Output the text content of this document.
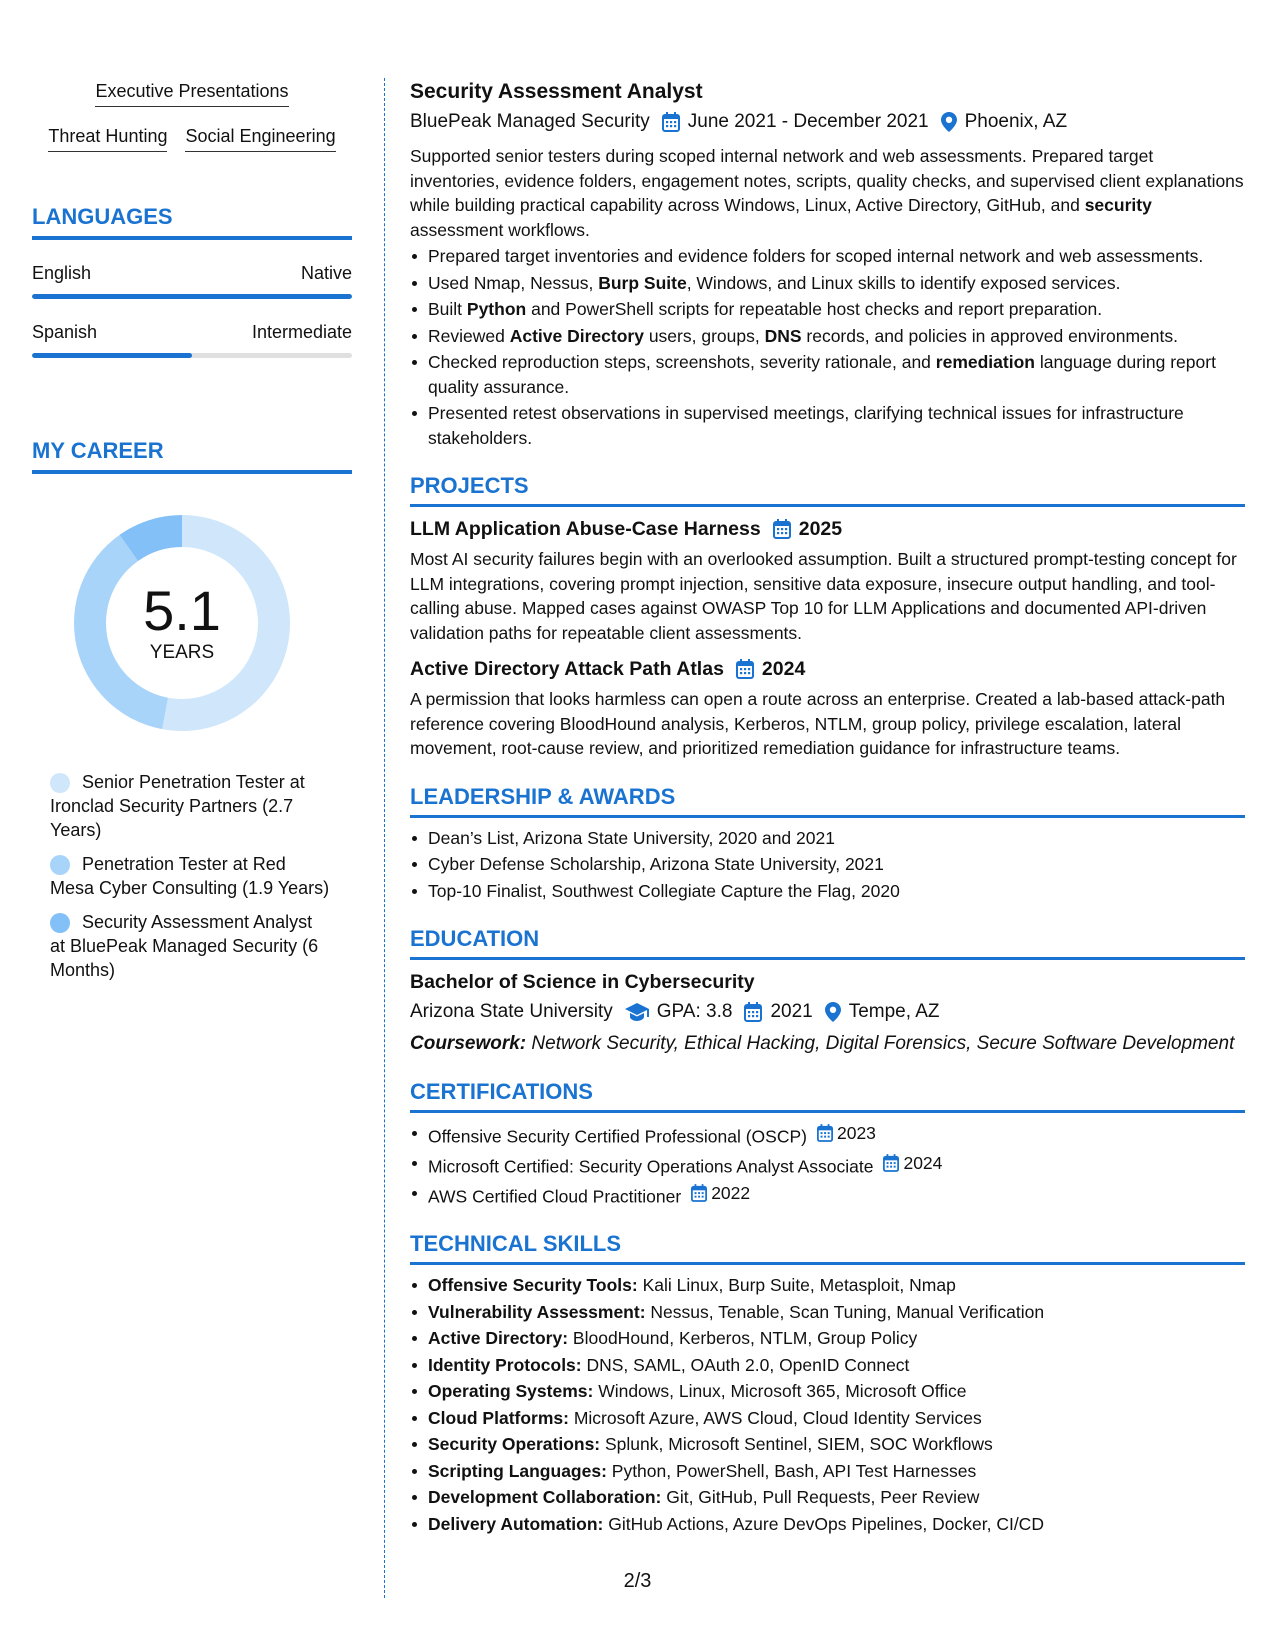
Executive Presentations
Threat Hunting Social Engineering
LANGUAGES
English	Native
Spanish	Intermediate
MY CAREER
5.1
YEARS
Senior Penetration Tester at Ironclad Security Partners (2.7 Years)
Penetration Tester at Red Mesa Cyber Consulting (1.9 Years)
Security Assessment Analyst at BluePeak Managed Security (6 Months)
Security Assessment Analyst
BluePeak Managed Security June 2021 - December 2021 Phoenix, AZ
Supported senior testers during scoped internal network and web assessments. Prepared target inventories, evidence folders, engagement notes, scripts, quality checks, and supervised client explanations while building practical capability across Windows, Linux, Active Directory, GitHub, and security assessment workflows.
Prepared target inventories and evidence folders for scoped internal network and web assessments.
Used Nmap, Nessus, Burp Suite, Windows, and Linux skills to identify exposed services.
Built Python and PowerShell scripts for repeatable host checks and report preparation.
Reviewed Active Directory users, groups, DNS records, and policies in approved environments.
Checked reproduction steps, screenshots, severity rationale, and remediation language during report quality assurance.
Presented retest observations in supervised meetings, clarifying technical issues for infrastructure stakeholders.
PROJECTS
LLM Application Abuse-Case Harness 2025
Most AI security failures begin with an overlooked assumption. Built a structured prompt-testing concept for LLM integrations, covering prompt injection, sensitive data exposure, insecure output handling, and tool-calling abuse. Mapped cases against OWASP Top 10 for LLM Applications and documented API-driven validation paths for repeatable client assessments.
Active Directory Attack Path Atlas 2024
A permission that looks harmless can open a route across an enterprise. Created a lab-based attack-path reference covering BloodHound analysis, Kerberos, NTLM, group policy, privilege escalation, lateral movement, root-cause review, and prioritized remediation guidance for infrastructure teams.
LEADERSHIP & AWARDS
Dean’s List, Arizona State University, 2020 and 2021
Cyber Defense Scholarship, Arizona State University, 2021
Top-10 Finalist, Southwest Collegiate Capture the Flag, 2020
EDUCATION
Bachelor of Science in Cybersecurity
Arizona State University GPA: 3.8 2021 Tempe, AZ
Coursework: Network Security, Ethical Hacking, Digital Forensics, Secure Software Development
CERTIFICATIONS
Offensive Security Certified Professional (OSCP) 2023
Microsoft Certified: Security Operations Analyst Associate 2024
AWS Certified Cloud Practitioner 2022
TECHNICAL SKILLS
Offensive Security Tools: Kali Linux, Burp Suite, Metasploit, Nmap
Vulnerability Assessment: Nessus, Tenable, Scan Tuning, Manual Verification
Active Directory: BloodHound, Kerberos, NTLM, Group Policy
Identity Protocols: DNS, SAML, OAuth 2.0, OpenID Connect
Operating Systems: Windows, Linux, Microsoft 365, Microsoft Office
Cloud Platforms: Microsoft Azure, AWS Cloud, Cloud Identity Services
Security Operations: Splunk, Microsoft Sentinel, SIEM, SOC Workflows
Scripting Languages: Python, PowerShell, Bash, API Test Harnesses
Development Collaboration: Git, GitHub, Pull Requests, Peer Review
Delivery Automation: GitHub Actions, Azure DevOps Pipelines, Docker, CI/CD
2/3
